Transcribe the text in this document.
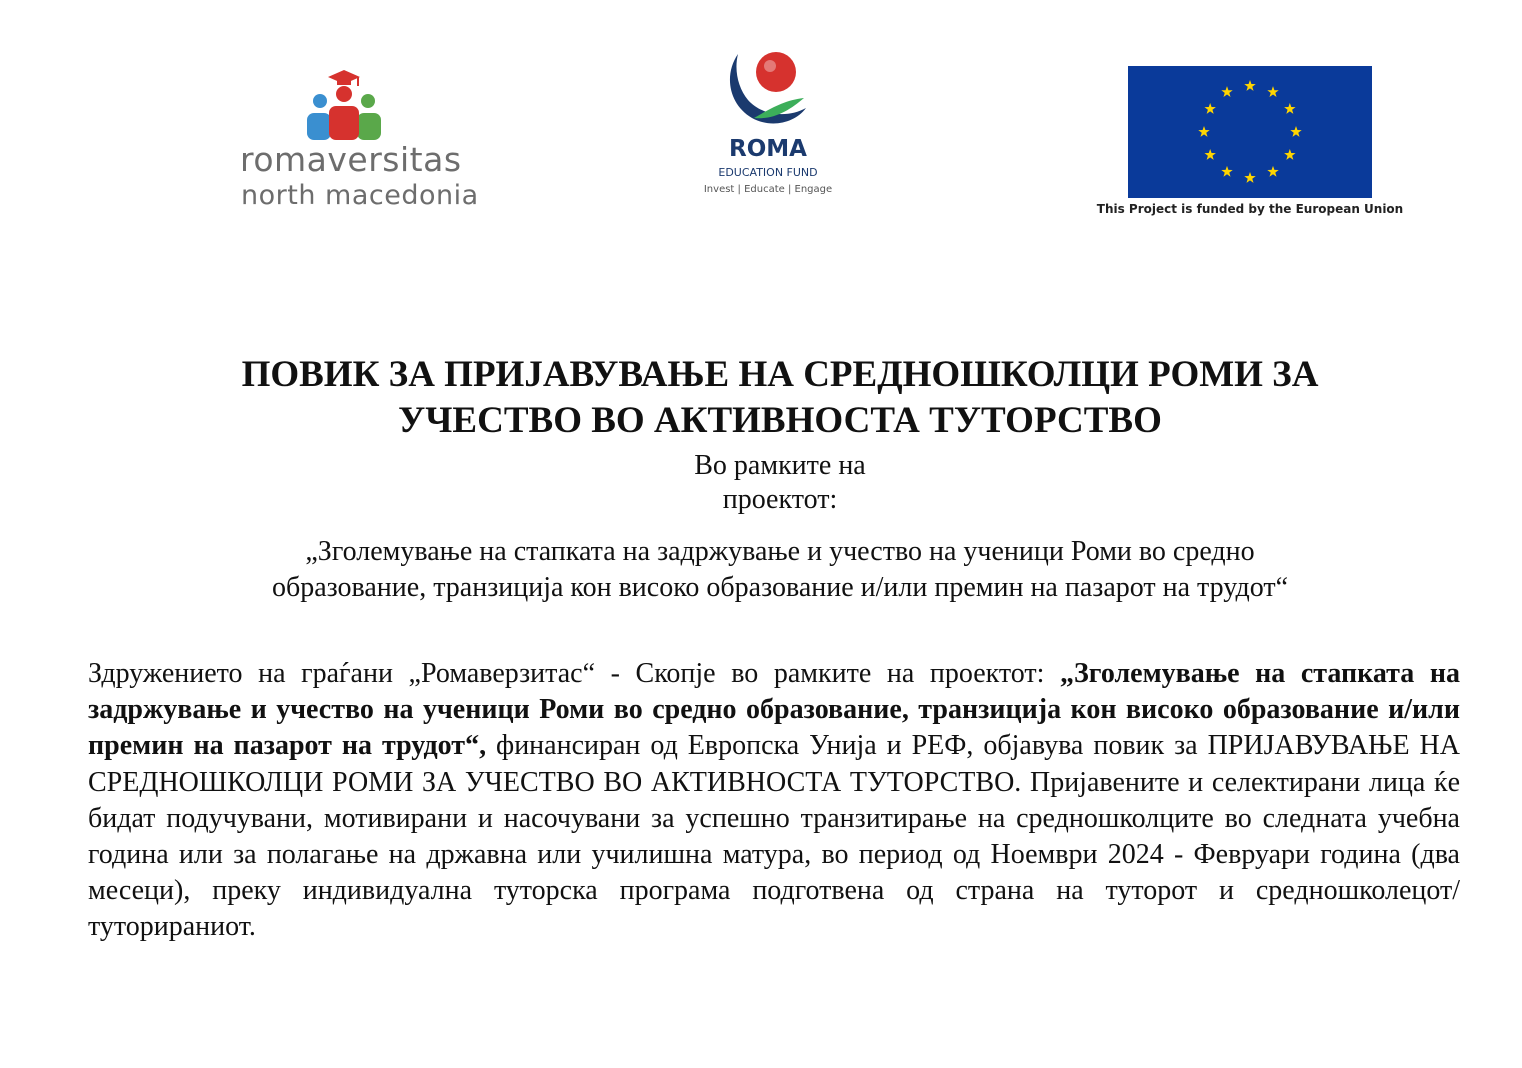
romaversitas
north macedonia
ROMA
EDUCATION FUND
Invest | Educate | Engage
This Project is funded by the European Union
ПОВИК ЗА ПРИЈАВУВАЊЕ НА СРЕДНОШКОЛЦИ РОМИ ЗА
УЧЕСТВО ВО АКТИВНОСТА ТУТОРСТВО

Во рамките на
проектот:

„Зголемување на стапката на задржување и учество на ученици Роми во средно
образование, транзиција кон високо образование и/или премин на пазарот на трудот“

Здружението на граѓани „Ромаверзитас“ - Скопје во рамките на проектот: „Зголемување на стапката на задржување и учество на ученици Роми во средно образование, транзиција кон високо образование и/или премин на пазарот на трудот“, финансиран од Европска Унија и РЕФ, објавува повик за ПРИЈАВУВАЊЕ НА СРЕДНОШКОЛЦИ РОМИ ЗА УЧЕСТВО ВО АКТИВНОСТА ТУТОРСТВО. Пријавените и селектирани лица ќе бидат подучувани, мотивирани и насочувани за успешно транзитирање на средношколците во следната учебна година или за полагање на државна или училишна матура, во период од Ноември 2024 - Февруари година (два месеци), преку индивидуална туторска програма подготвена од страна на туторот и средношколецот/туторираниот.
